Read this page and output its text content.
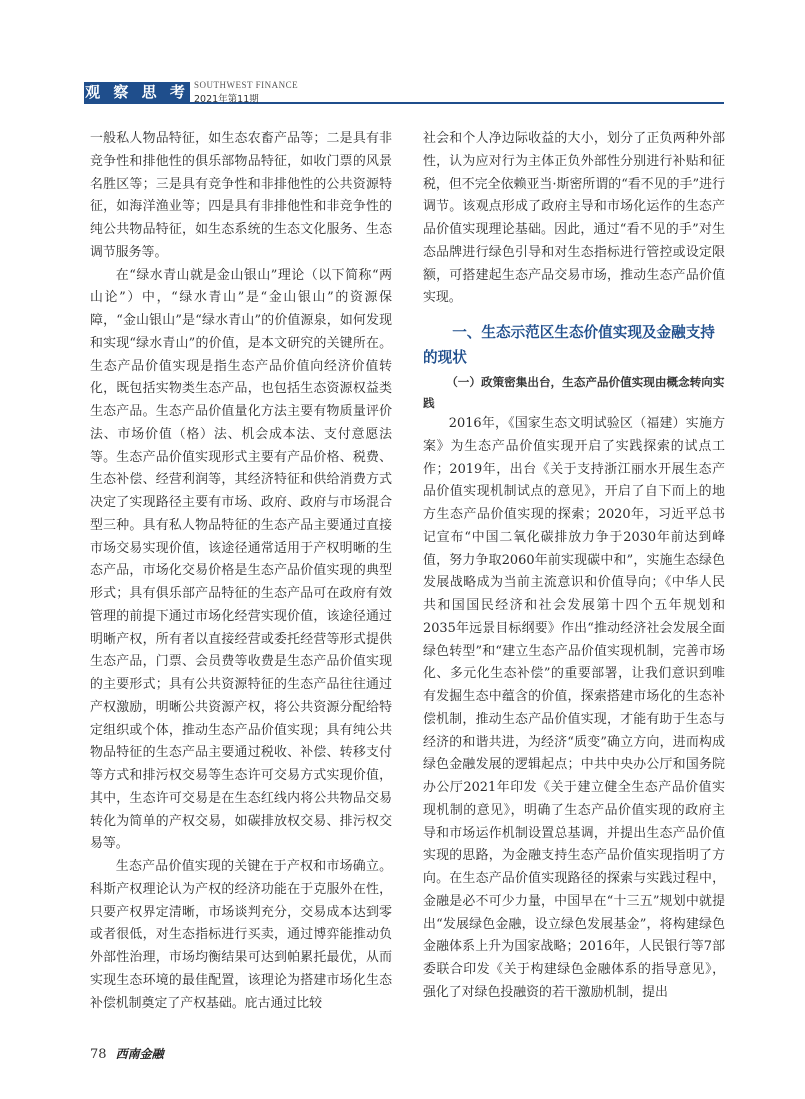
观 察 思 考 SOUTHWEST FINANCE
2021年第11期

一般私人物品特征，如生态农畜产品等；二是具有非竞争性和排他性的俱乐部物品特征，如收门票的风景名胜区等；三是具有竞争性和非排他性的公共资源特征，如海洋渔业等；四是具有非排他性和非竞争性的纯公共物品特征，如生态系统的生态文化服务、生态调节服务等。

在“绿水青山就是金山银山”理论（以下简称“两山论”）中，“绿水青山”是“金山银山”的资源保障，“金山银山”是“绿水青山”的价值源泉，如何发现和实现“绿水青山”的价值，是本文研究的关键所在。生态产品价值实现是指生态产品价值向经济价值转化，既包括实物类生态产品，也包括生态资源权益类生态产品。生态产品价值量化方法主要有物质量评价法、市场价值（格）法、机会成本法、支付意愿法等。生态产品价值实现形式主要有产品价格、税费、生态补偿、经营利润等，其经济特征和供给消费方式决定了实现路径主要有市场、政府、政府与市场混合型三种。具有私人物品特征的生态产品主要通过直接市场交易实现价值，该途径通常适用于产权明晰的生态产品，市场化交易价格是生态产品价值实现的典型形式；具有俱乐部产品特征的生态产品可在政府有效管理的前提下通过市场化经营实现价值，该途径通过明晰产权，所有者以直接经营或委托经营等形式提供生态产品，门票、会员费等收费是生态产品价值实现的主要形式；具有公共资源特征的生态产品往往通过产权激励，明晰公共资源产权，将公共资源分配给特定组织或个体，推动生态产品价值实现；具有纯公共物品特征的生态产品主要通过税收、补偿、转移支付等方式和排污权交易等生态许可交易方式实现价值，其中，生态许可交易是在生态红线内将公共物品交易转化为简单的产权交易，如碳排放权交易、排污权交易等。

生态产品价值实现的关键在于产权和市场确立。科斯产权理论认为产权的经济功能在于克服外在性，只要产权界定清晰，市场谈判充分，交易成本达到零或者很低，对生态指标进行买卖，通过博弈能推动负外部性治理，市场均衡结果可达到帕累托最优，从而实现生态环境的最佳配置，该理论为搭建市场化生态补偿机制奠定了产权基础。庇古通过比较

社会和个人净边际收益的大小，划分了正负两种外部性，认为应对行为主体正负外部性分别进行补贴和征税，但不完全依赖亚当·斯密所谓的“看不见的手”进行调节。该观点形成了政府主导和市场化运作的生态产品价值实现理论基础。因此，通过“看不见的手”对生态品牌进行绿色引导和对生态指标进行管控或设定限额，可搭建起生态产品交易市场，推动生态产品价值实现。

一、生态示范区生态价值实现及金融支持的现状
（一）政策密集出台，生态产品价值实现由概念转向实践

2016年，《国家生态文明试验区（福建）实施方案》为生态产品价值实现开启了实践探索的试点工作；2019年，出台《关于支持浙江丽水开展生态产品价值实现机制试点的意见》，开启了自下而上的地方生态产品价值实现的探索；2020年，习近平总书记宣布“中国二氧化碳排放力争于2030年前达到峰值，努力争取2060年前实现碳中和”，实施生态绿色发展战略成为当前主流意识和价值导向；《中华人民共和国国民经济和社会发展第十四个五年规划和2035年远景目标纲要》作出“推动经济社会发展全面绿色转型”和“建立生态产品价值实现机制，完善市场化、多元化生态补偿”的重要部署，让我们意识到唯有发掘生态中蕴含的价值，探索搭建市场化的生态补偿机制，推动生态产品价值实现，才能有助于生态与经济的和谐共进，为经济“质变”确立方向，进而构成绿色金融发展的逻辑起点；中共中央办公厅和国务院办公厅2021年印发《关于建立健全生态产品价值实现机制的意见》，明确了生态产品价值实现的政府主导和市场运作机制设置总基调，并提出生态产品价值实现的思路，为金融支持生态产品价值实现指明了方向。在生态产品价值实现路径的探索与实践过程中，金融是必不可少力量，中国早在“十三五”规划中就提出“发展绿色金融，设立绿色发展基金”，将构建绿色金融体系上升为国家战略；2016年，人民银行等7部委联合印发《关于构建绿色金融体系的指导意见》，强化了对绿色投融资的若干激励机制，提出

78 西南金融
